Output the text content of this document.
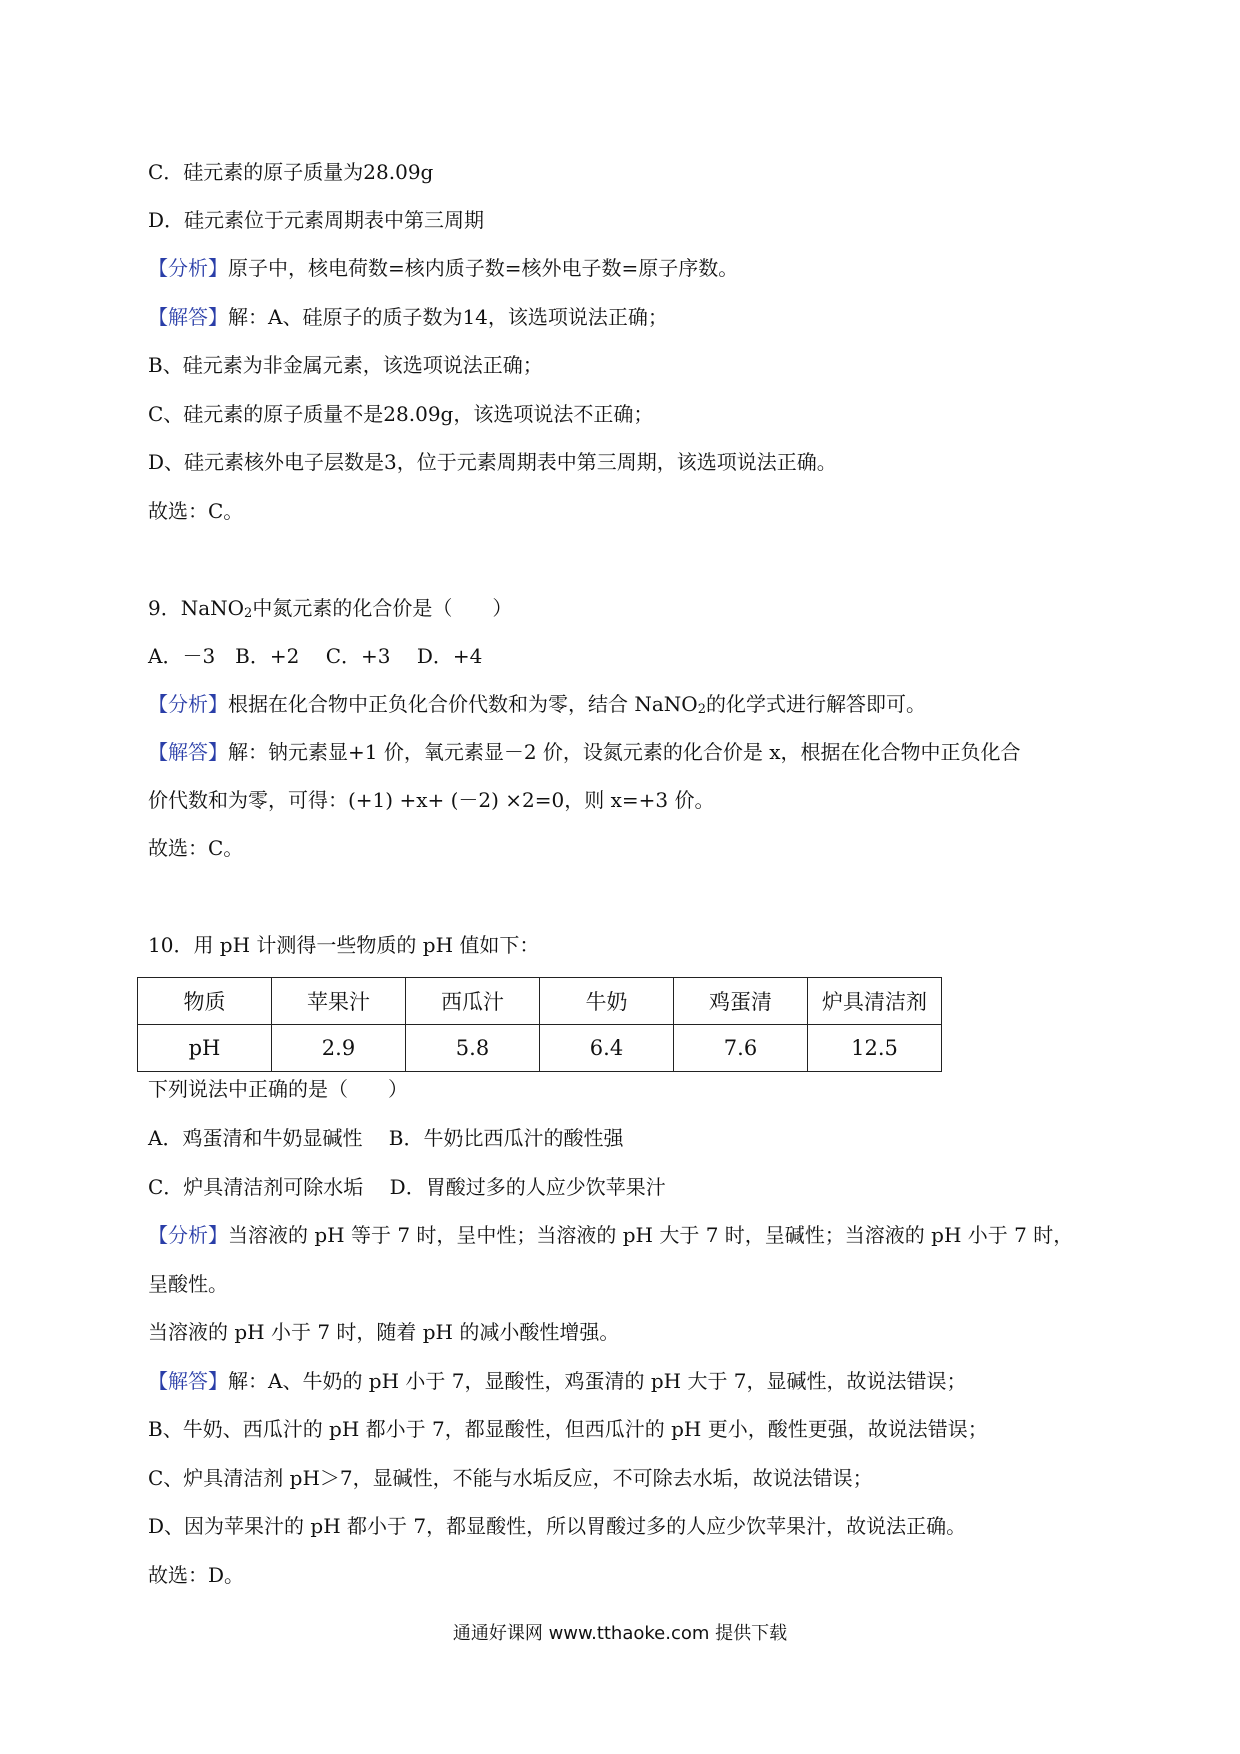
C．硅元素的原子质量为28.09g
D．硅元素位于元素周期表中第三周期
【分析】原子中，核电荷数=核内质子数=核外电子数=原子序数。
【解答】解：A、硅原子的质子数为14，该选项说法正确；
B、硅元素为非金属元素，该选项说法正确；
C、硅元素的原子质量不是28.09g，该选项说法不正确；
D、硅元素核外电子层数是3，位于元素周期表中第三周期，该选项说法正确。
故选：C。
9．NaNO$_2$中氮元素的化合价是（　　）
A．－3　B．+2　 C．+3　 D．+4
【分析】根据在化合物中正负化合价代数和为零，结合 NaNO$_2$的化学式进行解答即可。
【解答】解：钠元素显+1 价，氧元素显－2 价，设氮元素的化合价是 x，根据在化合物中正负化合
价代数和为零，可得：(+1) +x+ (－2) ×2=0，则 x=+3 价。
故选：C。
10．用 pH 计测得一些物质的 pH 值如下：
物质	苹果汁	西瓜汁	牛奶	鸡蛋清	炉具清洁剂
pH	2.9	5.8	6.4	7.6	12.5
下列说法中正确的是（　　）
A．鸡蛋清和牛奶显碱性　 B．牛奶比西瓜汁的酸性强
C．炉具清洁剂可除水垢　 D．胃酸过多的人应少饮苹果汁
【分析】当溶液的 pH 等于 7 时，呈中性；当溶液的 pH 大于 7 时，呈碱性；当溶液的 pH 小于 7 时，
呈酸性。
当溶液的 pH 小于 7 时，随着 pH 的减小酸性增强。
【解答】解：A、牛奶的 pH 小于 7，显酸性，鸡蛋清的 pH 大于 7，显碱性，故说法错误；
B、牛奶、西瓜汁的 pH 都小于 7，都显酸性，但西瓜汁的 pH 更小，酸性更强，故说法错误；
C、炉具清洁剂 pH＞7，显碱性，不能与水垢反应，不可除去水垢，故说法错误；
D、因为苹果汁的 pH 都小于 7，都显酸性，所以胃酸过多的人应少饮苹果汁，故说法正确。
故选：D。
通通好课网 www.tthaoke.com 提供下载
